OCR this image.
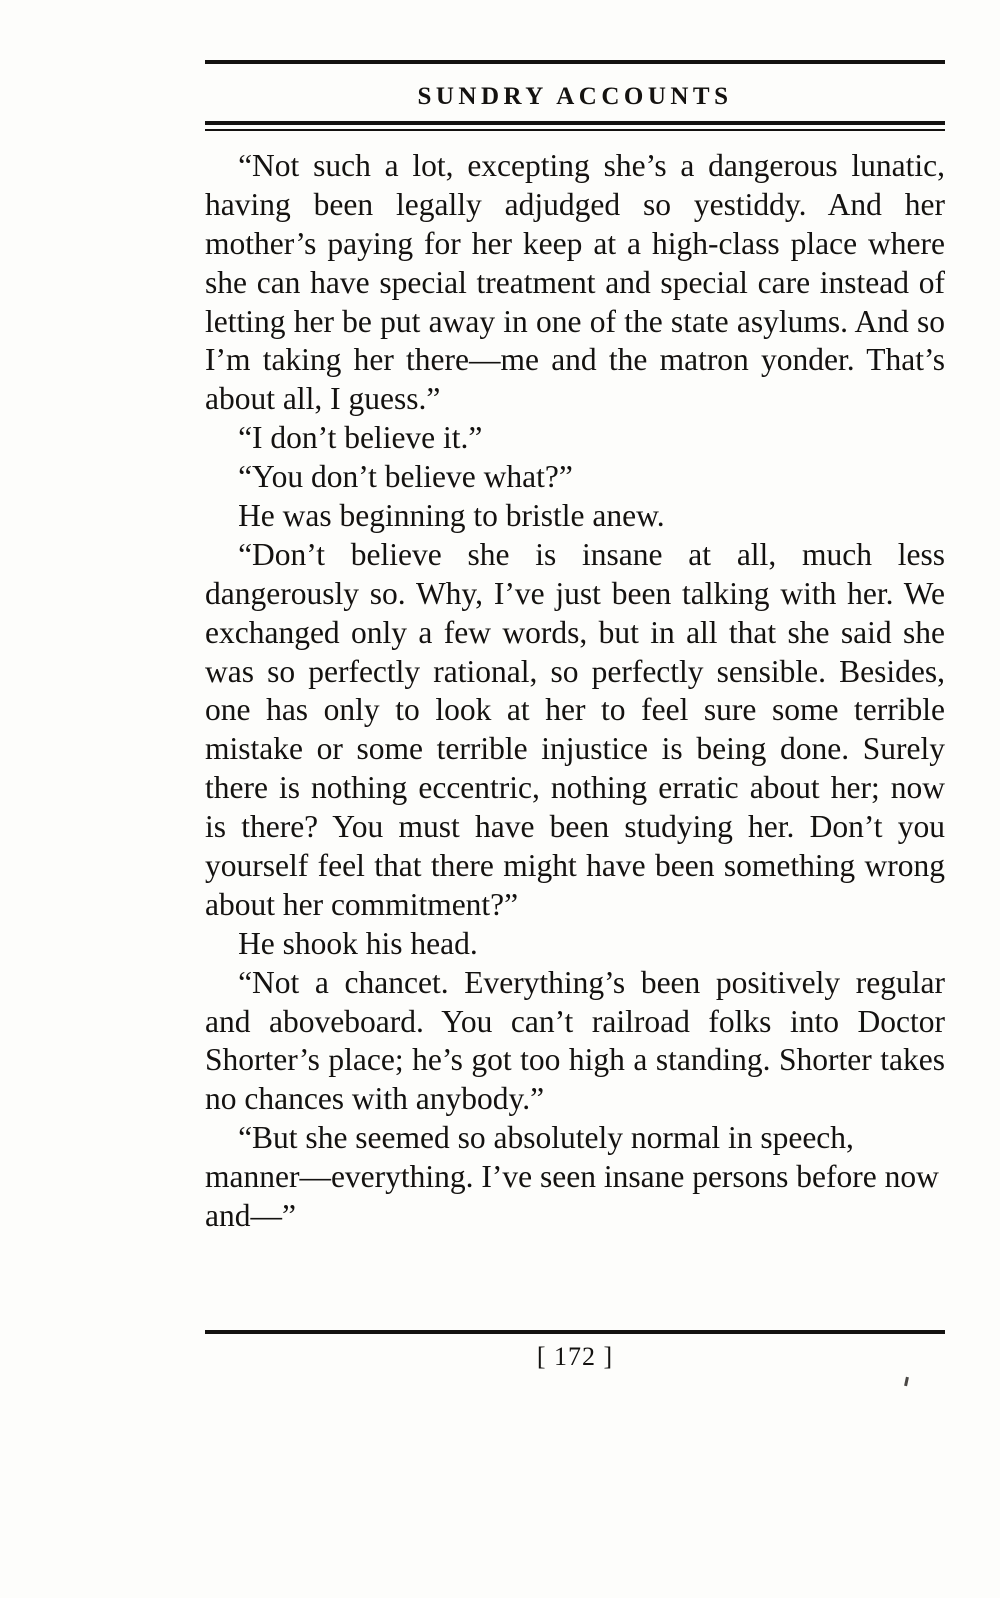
SUNDRY ACCOUNTS

“Not such a lot, excepting she’s a dangerous lunatic, having been legally adjudged so yestiddy. And her mother’s paying for her keep at a high-class place where she can have special treatment and special care instead of letting her be put away in one of the state asylums. And so I’m taking her there—me and the matron yonder. That’s about all, I guess.”

“I don’t believe it.”

“You don’t believe what?”

He was beginning to bristle anew.

“Don’t believe she is insane at all, much less dangerously so. Why, I’ve just been talking with her. We exchanged only a few words, but in all that she said she was so perfectly rational, so perfectly sensible. Besides, one has only to look at her to feel sure some terrible mistake or some terrible injustice is being done. Surely there is nothing eccentric, nothing erratic about her; now is there? You must have been studying her. Don’t you yourself feel that there might have been something wrong about her commitment?”

He shook his head.

“Not a chancet. Everything’s been positively regular and aboveboard. You can’t railroad folks into Doctor Shorter’s place; he’s got too high a standing. Shorter takes no chances with anybody.”

“But she seemed so absolutely normal in speech, manner—everything. I’ve seen insane persons before now and—”

[ 172 ]
